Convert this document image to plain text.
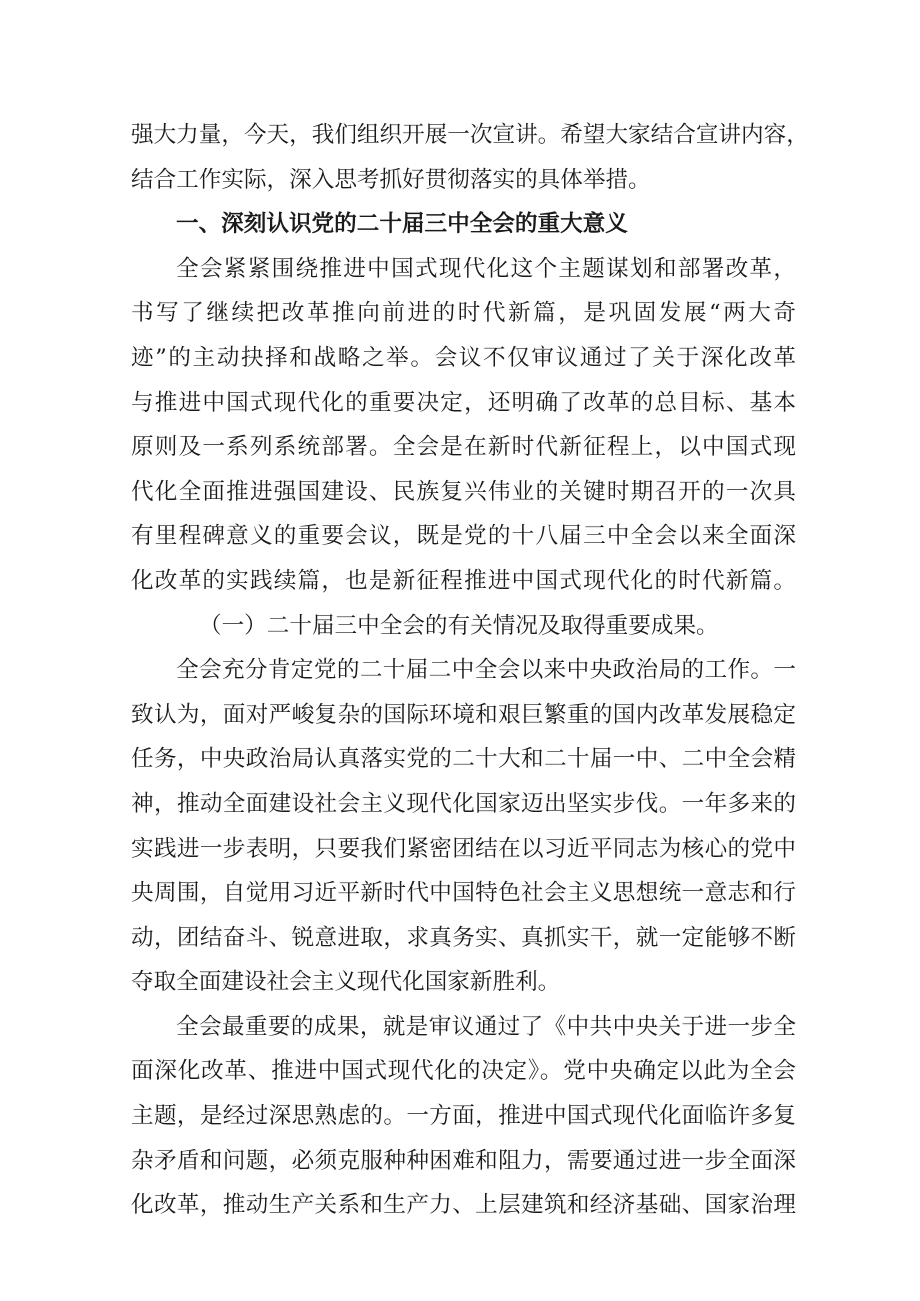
强大力量，今天，我们组织开展一次宣讲。希望大家结合宣讲内容，
结合工作实际，深入思考抓好贯彻落实的具体举措。
一、深刻认识党的二十届三中全会的重大意义
全会紧紧围绕推进中国式现代化这个主题谋划和部署改革，
书写了继续把改革推向前进的时代新篇，是巩固发展“两大奇
迹”的主动抉择和战略之举。会议不仅审议通过了关于深化改革
与推进中国式现代化的重要决定，还明确了改革的总目标、基本
原则及一系列系统部署。全会是在新时代新征程上，以中国式现
代化全面推进强国建设、民族复兴伟业的关键时期召开的一次具
有里程碑意义的重要会议，既是党的十八届三中全会以来全面深
化改革的实践续篇，也是新征程推进中国式现代化的时代新篇。
（一）二十届三中全会的有关情况及取得重要成果。
全会充分肯定党的二十届二中全会以来中央政治局的工作。一
致认为，面对严峻复杂的国际环境和艰巨繁重的国内改革发展稳定
任务，中央政治局认真落实党的二十大和二十届一中、二中全会精
神，推动全面建设社会主义现代化国家迈出坚实步伐。一年多来的
实践进一步表明，只要我们紧密团结在以习近平同志为核心的党中
央周围，自觉用习近平新时代中国特色社会主义思想统一意志和行
动，团结奋斗、锐意进取，求真务实、真抓实干，就一定能够不断
夺取全面建设社会主义现代化国家新胜利。
全会最重要的成果，就是审议通过了《中共中央关于进一步全
面深化改革、推进中国式现代化的决定》。党中央确定以此为全会
主题，是经过深思熟虑的。一方面，推进中国式现代化面临许多复
杂矛盾和问题，必须克服种种困难和阻力，需要通过进一步全面深
化改革，推动生产关系和生产力、上层建筑和经济基础、国家治理
